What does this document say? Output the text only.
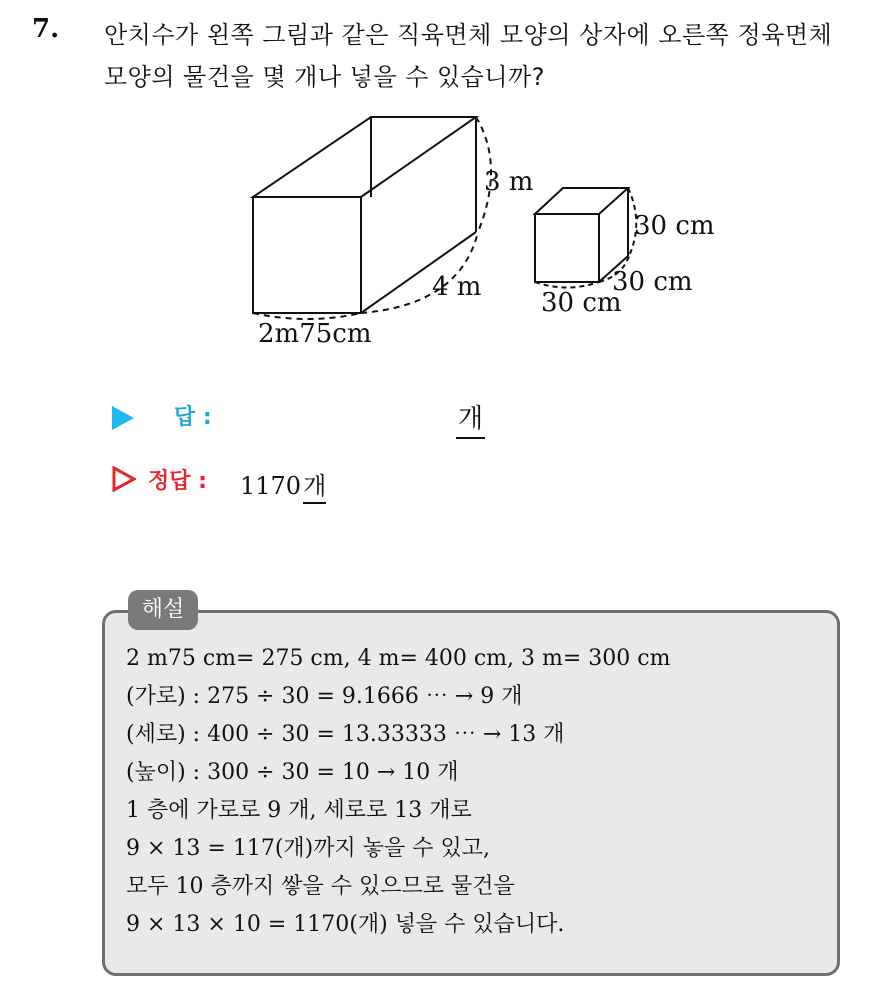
7. 안치수가 왼쪽 그림과 같은 직육면체 모양의 상자에 오른쪽 정육면체
모양의 물건을 몇 개나 넣을 수 있습니까?
3 m
4 m
2m75cm
30 cm
30 cm
30 cm
답 :	개
정답 : 1170개
해설
2 m75 cm= 275 cm, 4 m= 400 cm, 3 m= 300 cm
(가로) : 275 ÷ 30 = 9.1666 ⋯ → 9 개
(세로) : 400 ÷ 30 = 13.33333 ⋯ → 13 개
(높이) : 300 ÷ 30 = 10 → 10 개
1 층에 가로로 9 개, 세로로 13 개로
9 × 13 = 117(개)까지 놓을 수 있고,
모두 10 층까지 쌓을 수 있으므로 물건을
9 × 13 × 10 = 1170(개) 넣을 수 있습니다.
